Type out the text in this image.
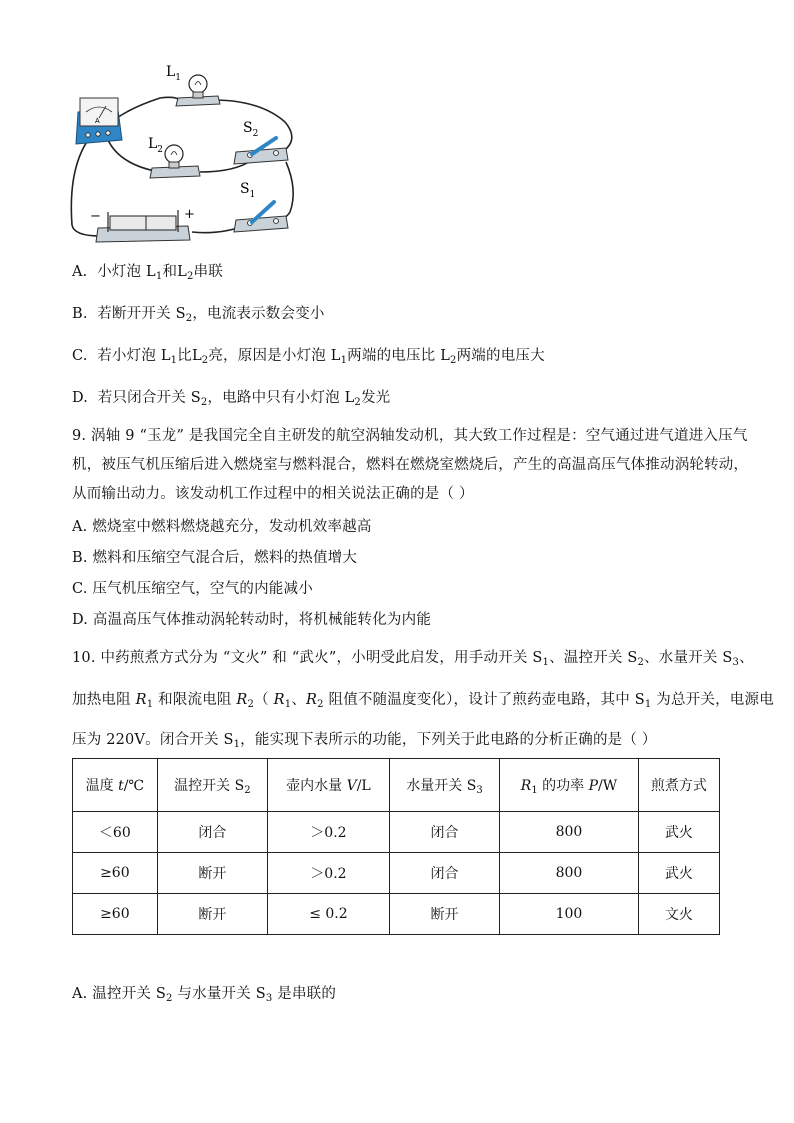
A
$L_1$
$L_2$
$S_2$
$S_1$
−	+
A. 小灯泡 $L_1$和$L_2$串联
B. 若断开开关 $S_2$，电流表示数会变小
C. 若小灯泡 $L_1$比$L_2$亮，原因是小灯泡 $L_1$两端的电压比 $L_2$两端的电压大
D. 若只闭合开关 $S_2$，电路中只有小灯泡 $L_2$发光
9. 涡轴 9 “玉龙” 是我国完全自主研发的航空涡轴发动机，其大致工作过程是：空气通过进气道进入压气
机，被压气机压缩后进入燃烧室与燃料混合，燃料在燃烧室燃烧后，产生的高温高压气体推动涡轮转动，
从而输出动力。该发动机工作过程中的相关说法正确的是（ ）
A. 燃烧室中燃料燃烧越充分，发动机效率越高
B. 燃料和压缩空气混合后，燃料的热值增大
C. 压气机压缩空气，空气的内能减小
D. 高温高压气体推动涡轮转动时，将机械能转化为内能
10. 中药煎煮方式分为 “文火” 和 “武火”，小明受此启发，用手动开关 $S_1$、温控开关 $S_2$、水量开关 $S_3$、
加热电阻 $R_1$ 和限流电阻 $R_2$（ $R_1$、$R_2$ 阻值不随温度变化），设计了煎药壶电路，其中 $S_1$ 为总开关，电源电
压为 220V。闭合开关 $S_1$，能实现下表所示的功能，下列关于此电路的分析正确的是（ ）
温度 t/℃	温控开关 $S_2$	壶内水量 V/L	水量开关 $S_3$	$R_1$ 的功率 P/W	煎煮方式
＜60	闭合	＞0.2	闭合	800	武火
≥60	断开	＞0.2	闭合	800	武火
≥60	断开	≤ 0.2	断开	100	文火
A. 温控开关 $S_2$ 与水量开关 $S_3$ 是串联的
